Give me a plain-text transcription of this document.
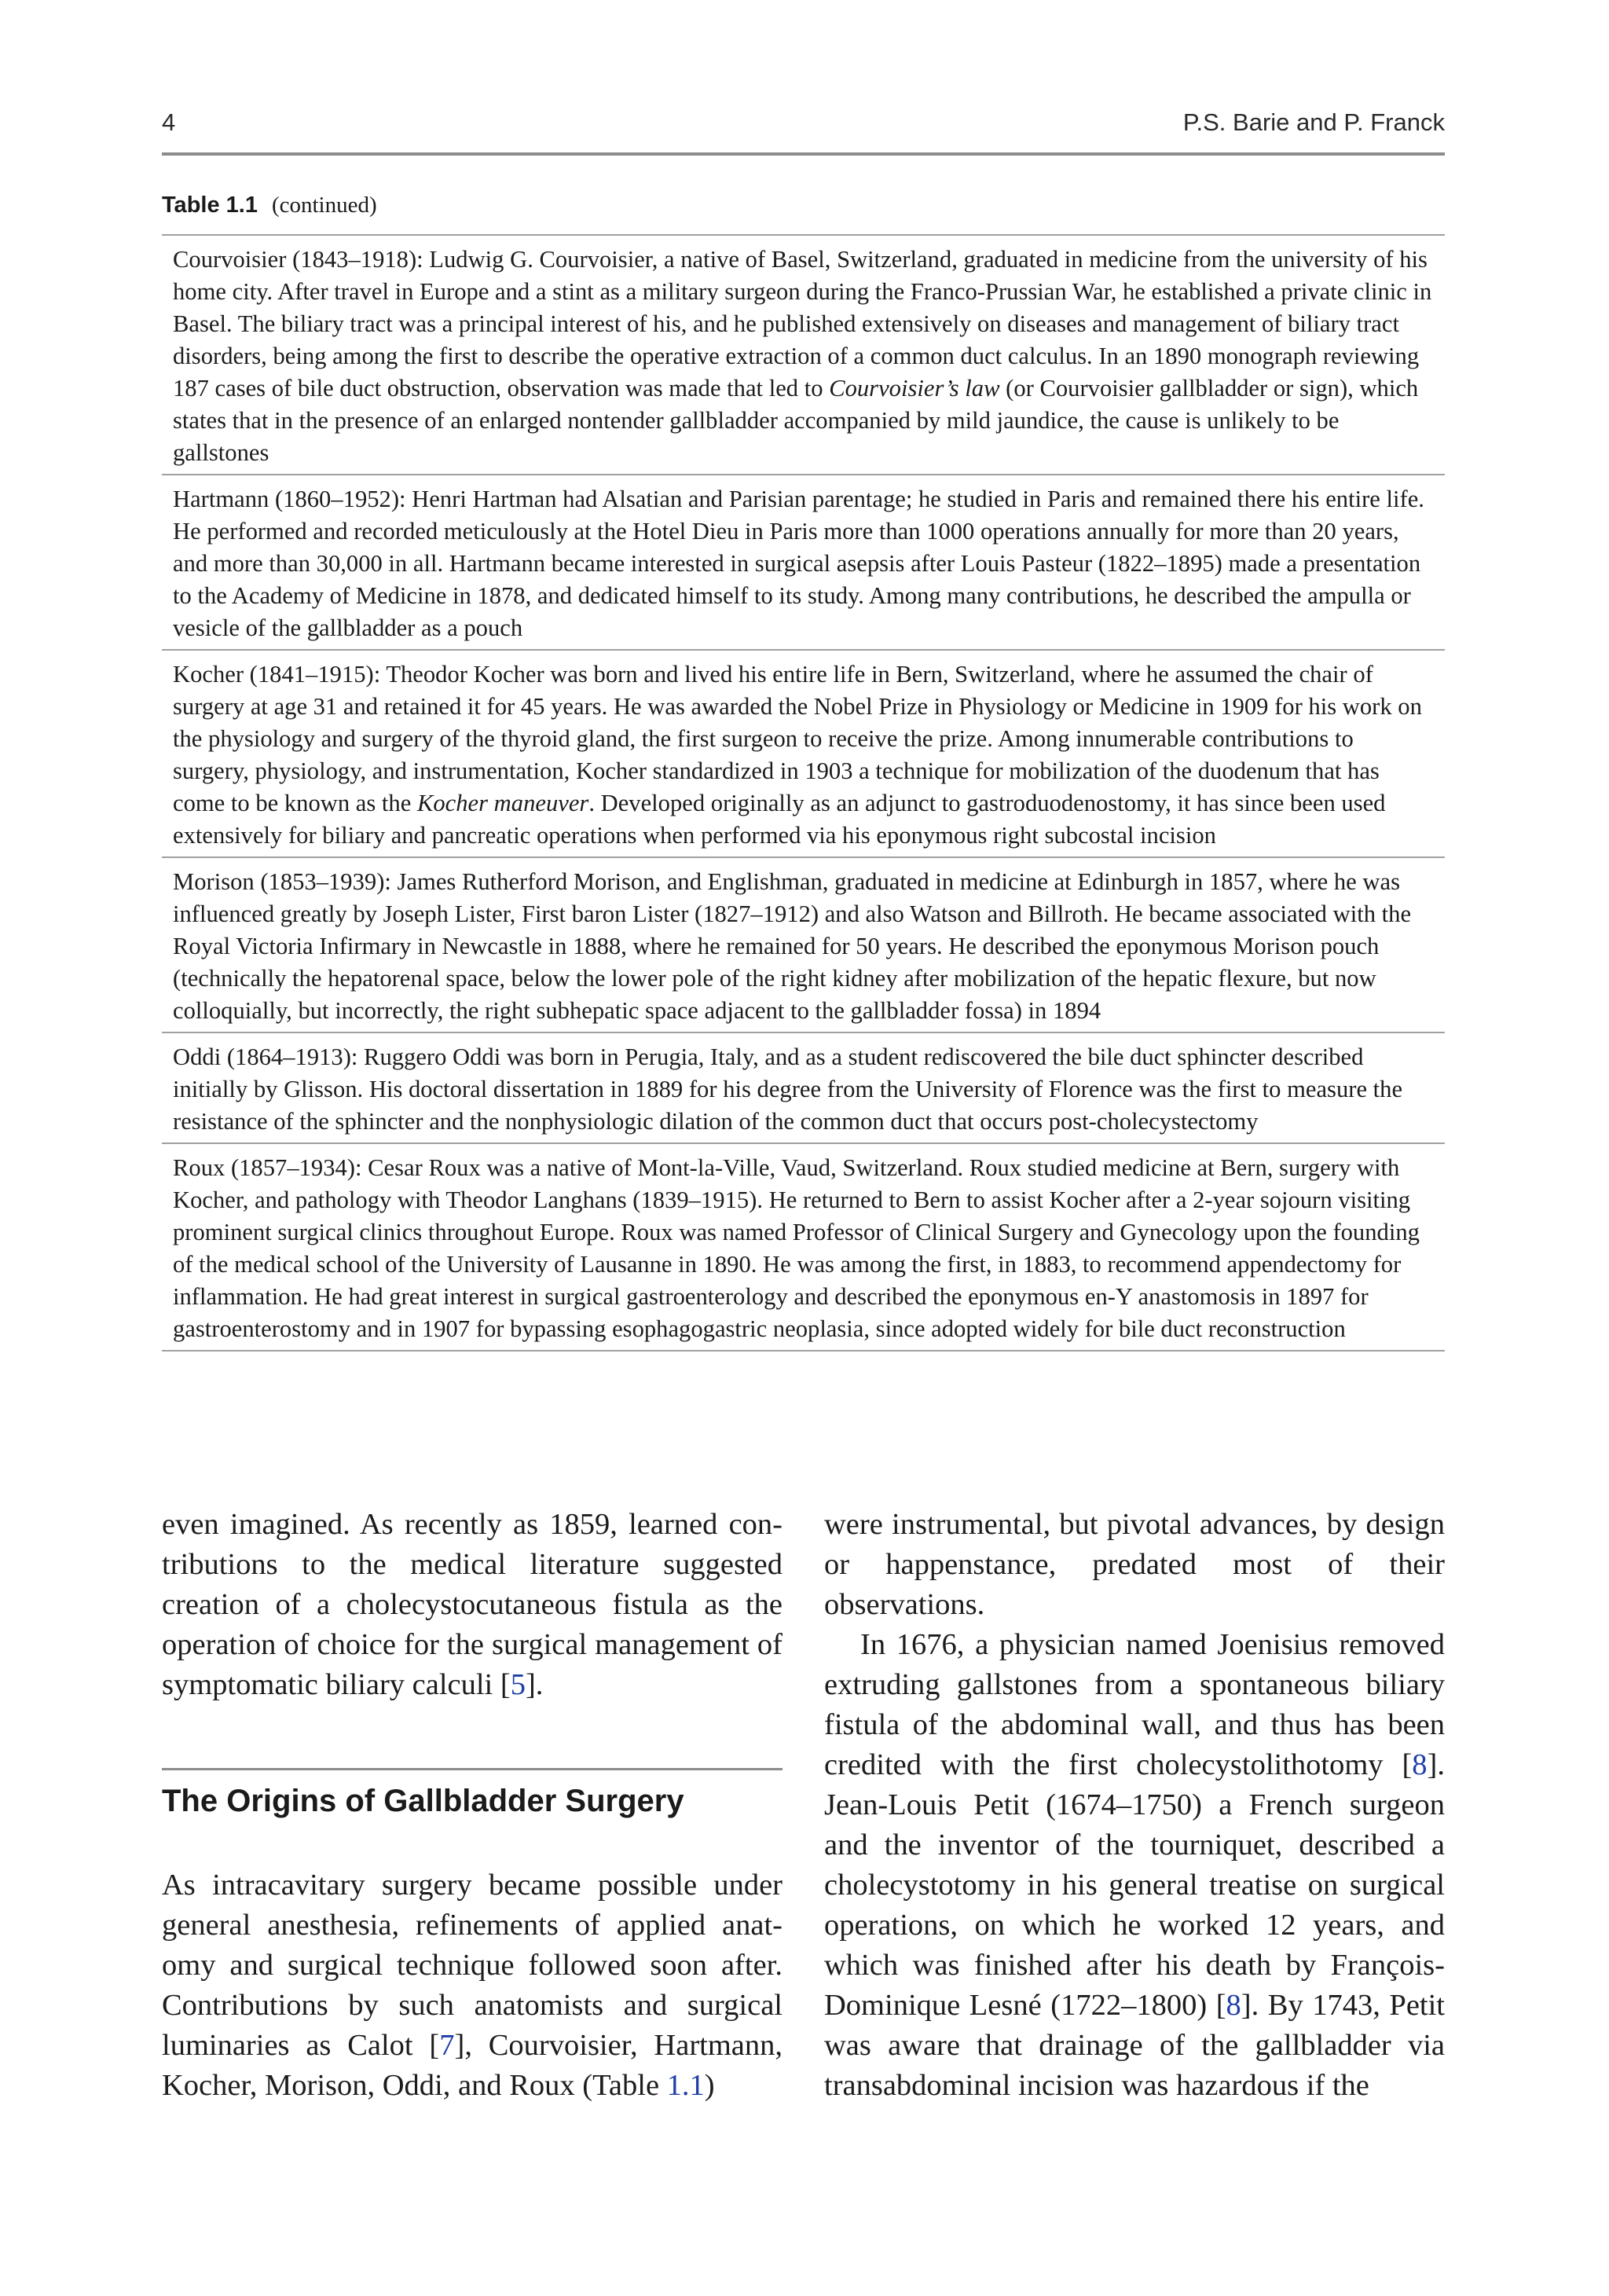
4	P.S. Barie and P. Franck
Table 1.1 (continued)
Courvoisier (1843–1918): Ludwig G. Courvoisier, a native of Basel, Switzerland, graduated in medicine from the university of his home city. After travel in Europe and a stint as a military surgeon during the Franco-Prussian War, he established a private clinic in Basel. The biliary tract was a principal interest of his, and he published extensively on diseases and management of biliary tract disorders, being among the first to describe the operative extraction of a common duct calculus. In an 1890 monograph reviewing 187 cases of bile duct obstruction, observation was made that led to Courvoisier’s law (or Courvoisier gallbladder or sign), which states that in the presence of an enlarged nontender gallbladder accompanied by mild jaundice, the cause is unlikely to be gallstones
Hartmann (1860–1952): Henri Hartman had Alsatian and Parisian parentage; he studied in Paris and remained there his entire life. He performed and recorded meticulously at the Hotel Dieu in Paris more than 1000 operations annually for more than 20 years, and more than 30,000 in all. Hartmann became interested in surgical asepsis after Louis Pasteur (1822–1895) made a presentation to the Academy of Medicine in 1878, and dedicated himself to its study. Among many contributions, he described the ampulla or vesicle of the gallbladder as a pouch
Kocher (1841–1915): Theodor Kocher was born and lived his entire life in Bern, Switzerland, where he assumed the chair of surgery at age 31 and retained it for 45 years. He was awarded the Nobel Prize in Physiology or Medicine in 1909 for his work on the physiology and surgery of the thyroid gland, the first surgeon to receive the prize. Among innumerable contributions to surgery, physiology, and instrumentation, Kocher standardized in 1903 a technique for mobilization of the duodenum that has come to be known as the Kocher maneuver. Developed originally as an adjunct to gastroduodenostomy, it has since been used extensively for biliary and pancreatic operations when performed via his eponymous right subcostal incision
Morison (1853–1939): James Rutherford Morison, and Englishman, graduated in medicine at Edinburgh in 1857, where he was influenced greatly by Joseph Lister, First baron Lister (1827–1912) and also Watson and Billroth. He became associated with the Royal Victoria Infirmary in Newcastle in 1888, where he remained for 50 years. He described the eponymous Morison pouch (technically the hepatorenal space, below the lower pole of the right kidney after mobilization of the hepatic flexure, but now colloquially, but incorrectly, the right subhepatic space adjacent to the gallbladder fossa) in 1894
Oddi (1864–1913): Ruggero Oddi was born in Perugia, Italy, and as a student rediscovered the bile duct sphincter described initially by Glisson. His doctoral dissertation in 1889 for his degree from the University of Florence was the first to measure the resistance of the sphincter and the nonphysiologic dilation of the common duct that occurs post-cholecystectomy
Roux (1857–1934): Cesar Roux was a native of Mont-la-Ville, Vaud, Switzerland. Roux studied medicine at Bern, surgery with Kocher, and pathology with Theodor Langhans (1839–1915). He returned to Bern to assist Kocher after a 2-year sojourn visiting prominent surgical clinics throughout Europe. Roux was named Professor of Clinical Surgery and Gynecology upon the founding of the medical school of the University of Lausanne in 1890. He was among the first, in 1883, to recommend appendectomy for inflammation. He had great interest in surgical gastroenterology and described the eponymous en-Y anastomosis in 1897 for gastroenterostomy and in 1907 for bypassing esophagogastric neoplasia, since adopted widely for bile duct reconstruction

even imagined. As recently as 1859, learned con-tributions to the medical literature suggested creation of a cholecystocutaneous fistula as the operation of choice for the surgical management of symptomatic biliary calculi [5].

The Origins of Gallbladder Surgery

As intracavitary surgery became possible under general anesthesia, refinements of applied anat-omy and surgical technique followed soon after. Contributions by such anatomists and surgical luminaries as Calot [7], Courvoisier, Hartmann, Kocher, Morison, Oddi, and Roux (Table 1.1)

were instrumental, but pivotal advances, by design or happenstance, predated most of their observations.

In 1676, a physician named Joenisius removed extruding gallstones from a spontaneous biliary fistula of the abdominal wall, and thus has been credited with the first cholecystolithotomy [8]. Jean-Louis Petit (1674–1750) a French surgeon and the inventor of the tourniquet, described a cholecystotomy in his general treatise on surgical operations, on which he worked 12 years, and which was finished after his death by François-Dominique Lesné (1722–1800) [8]. By 1743, Petit was aware that drainage of the gallbladder via transabdominal incision was hazardous if the
